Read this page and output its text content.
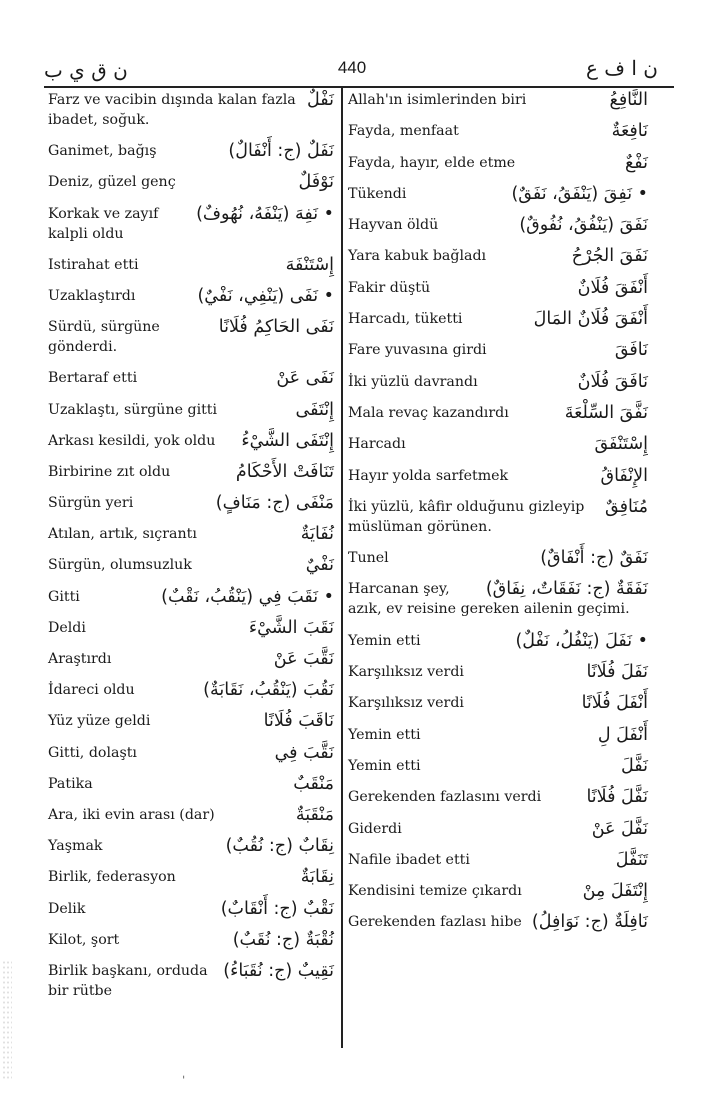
ن ق ي ب	440	ن ا ف ع
نَفْلٌ
Farz ve vacibin dışında kalan fazla ibadet, soğuk.
نَفَلٌ (ج: أَنْفَالٌ)
Ganimet, bağış
نَوْفَلٌ
Deniz, güzel genç
• نَفِهَ (يَنْفَهُ، نُهُوفٌ)
Korkak ve zayıf kalpli oldu
إِسْتَنْفَهَ
Istirahat etti
• نَفَى (يَنْفِي، نَفْيٌ)
Uzaklaştırdı
نَفَى الحَاكِمُ فُلَانًا
Sürdü, sürgüne gönderdi.
نَفَى عَنْ
Bertaraf etti
إِنْتَفَى
Uzaklaştı, sürgüne gitti
إِنْتَفَى الشَّيْءُ
Arkası kesildi, yok oldu
تَنَافَتْ الأَحْكَامُ
Birbirine zıt oldu
مَنْفَى (ج: مَنَافٍ)
Sürgün yeri
نُفَايَةٌ
Atılan, artık, sıçrantı
نَفْيٌ
Sürgün, olumsuzluk
• نَقَبَ فِي (يَنْقُبُ، نَقْبٌ)
Gitti
نَقَبَ الشَّيْءَ
Deldi
نَقَّبَ عَنْ
Araştırdı
نَقُبَ (يَنْقُبُ، نَقَابَةٌ)
İdareci oldu
نَاقَبَ فُلَانًا
Yüz yüze geldi
نَقَّبَ فِي
Gitti, dolaştı
مَنْقَبٌ
Patika
مَنْقَبَةٌ
Ara, iki evin arası (dar)
نِقَابٌ (ج: نُقُبٌ)
Yaşmak
نِقَابَةٌ
Birlik, federasyon
نَقْبٌ (ج: أَنْقَابٌ)
Delik
نُقْبَةٌ (ج: نُقَبٌ)
Kilot, şort
نَقِيبٌ (ج: نُقَبَاءُ)
Birlik başkanı, orduda bir rütbe
النَّافِعُ
Allah'ın isimlerinden biri
نَافِعَةٌ
Fayda, menfaat
نَفْعٌ
Fayda, hayır, elde etme
• نَفِقَ (يَنْفَقُ، نَفَقٌ)
Tükendi
نَفَقَ (يَنْفُقُ، نُفُوقٌ)
Hayvan öldü
نَفَقَ الجُرْحُ
Yara kabuk bağladı
أَنْفَقَ فُلَانٌ
Fakir düştü
أَنْفَقَ فُلَانٌ المَالَ
Harcadı, tüketti
نَافَقَ
Fare yuvasına girdi
نَافَقَ فُلَانٌ
İki yüzlü davrandı
نَفَّقَ السِّلْعَةَ
Mala revaç kazandırdı
إِسْتَنْفَقَ
Harcadı
الإِنْفَاقُ
Hayır yolda sarfetmek
مُنَافِقٌ
İki yüzlü, kâfir olduğunu gizleyip müslüman görünen.
نَفَقٌ (ج: أَنْفَاقٌ)
Tunel
نَفَقَةٌ (ج: نَفَقَاتٌ، نِفَاقٌ)
Harcanan şey, azık, ev reisine gereken ailenin geçimi.
• نَفَلَ (يَنْفُلُ، نَفْلٌ)
Yemin etti
نَفَلَ فُلَانًا
Karşılıksız verdi
أَنْفَلَ فُلَانًا
Karşılıksız verdi
أَنْفَلَ لِ
Yemin etti
نَفَّلَ
Yemin etti
نَفَّلَ فُلَانًا
Gerekenden fazlasını verdi
نَفَّلَ عَنْ
Giderdi
تَنَفَّلَ
Nafile ibadet etti
إِنْتَفَلَ مِنْ
Kendisini temize çıkardı
نَافِلَةٌ (ج: نَوَافِلُ)
Gerekenden fazlası hibe
ˈ
